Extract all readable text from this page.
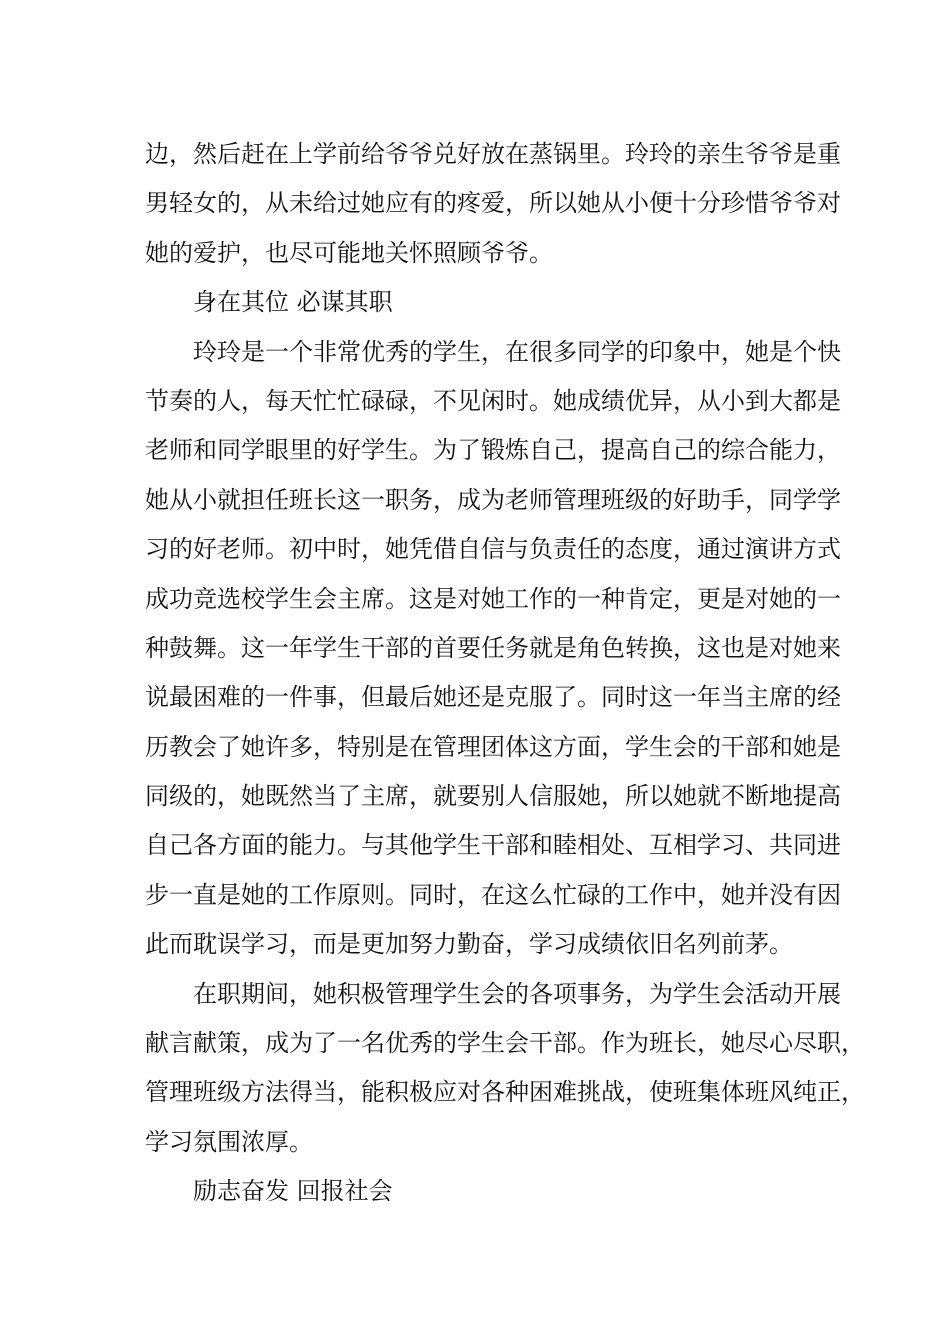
边，然后赶在上学前给爷爷兑好放在蒸锅里。玲玲的亲生爷爷是重
男轻女的，从未给过她应有的疼爱，所以她从小便十分珍惜爷爷对
她的爱护，也尽可能地关怀照顾爷爷。
身在其位 必谋其职
玲玲是一个非常优秀的学生，在很多同学的印象中，她是个快
节奏的人，每天忙忙碌碌，不见闲时。她成绩优异，从小到大都是
老师和同学眼里的好学生。为了锻炼自己，提高自己的综合能力，
她从小就担任班长这一职务，成为老师管理班级的好助手，同学学
习的好老师。初中时，她凭借自信与负责任的态度，通过演讲方式
成功竞选校学生会主席。这是对她工作的一种肯定，更是对她的一
种鼓舞。这一年学生干部的首要任务就是角色转换，这也是对她来
说最困难的一件事，但最后她还是克服了。同时这一年当主席的经
历教会了她许多，特别是在管理团体这方面，学生会的干部和她是
同级的，她既然当了主席，就要别人信服她，所以她就不断地提高
自己各方面的能力。与其他学生干部和睦相处、互相学习、共同进
步一直是她的工作原则。同时，在这么忙碌的工作中，她并没有因
此而耽误学习，而是更加努力勤奋，学习成绩依旧名列前茅。
在职期间，她积极管理学生会的各项事务，为学生会活动开展
献言献策，成为了一名优秀的学生会干部。作为班长，她尽心尽职，
管理班级方法得当，能积极应对各种困难挑战，使班集体班风纯正，
学习氛围浓厚。
励志奋发 回报社会
